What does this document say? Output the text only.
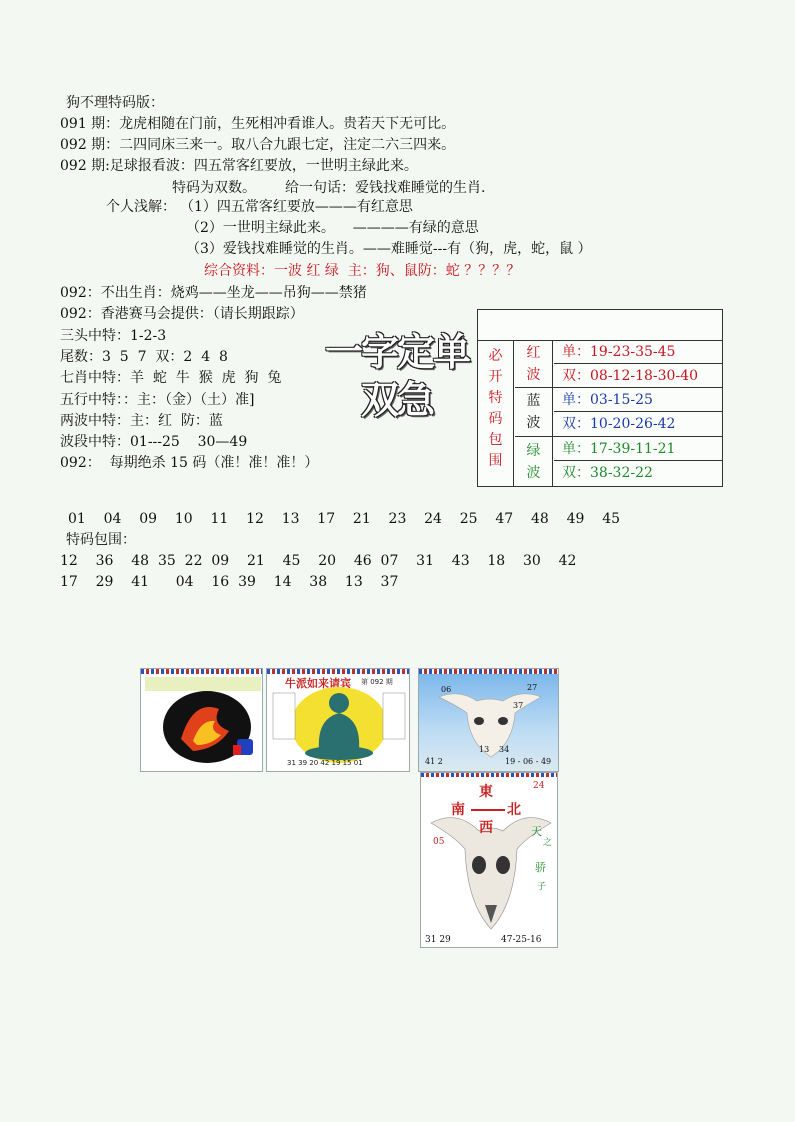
狗不理特码版：
091 期：龙虎相随在门前，生死相冲看谁人。贵若天下无可比。
092 期：二四同床三来一。取八合九跟七定，注定二六三四来。
092 期:足球报看波：四五常客红要放，一世明主绿此来。
特码为双数。 给一句话：爱钱找难睡觉的生肖.
个人浅解： （1）四五常客红要放———有红意思
（2）一世明主绿此来。    ————有绿的意思
（3）爱钱找难睡觉的生肖。——难睡觉---有（狗，虎，蛇，鼠 ）
综合资料：一波 红 绿  主：狗、鼠防：蛇 ？？？？
092：不出生肖：烧鸡——坐龙——吊狗——禁猪
092：香港赛马会提供：（请长期跟踪）
三头中特：1-2-3
尾数：3  5  7  双：2  4  8
七肖中特：羊  蛇  牛  猴  虎  狗  兔
五行中特：：主：（金）（土）准]
两波中特：主：红  防：蓝
波段中特：01---25    30—49
092：  每期绝杀 15 码（准！准！准！）
一字定单双急
必
开
特
码
包
围
红
波
单：19-23-35-45
双：08-12-18-30-40
蓝
波
单：03-15-25
双：10-20-26-42
绿
波
单：17-39-11-21
双：38-32-22
01    04    09    10    11    12    13    17    21    23    24    25    47    48    49    45
特码包围：
12    36    48  35  22  09    21    45    20    46  07    31    43    18    30    42
17    29    41      04    16  39    14    38    13    37
牛派如来请宾 第 092 期
31 39 20 42 19 15 01
06	27
37
13 34
41 2	19 - 06 - 49
東
南	北
西
24
05
天
之
骄
子
31 29	47-25-16
